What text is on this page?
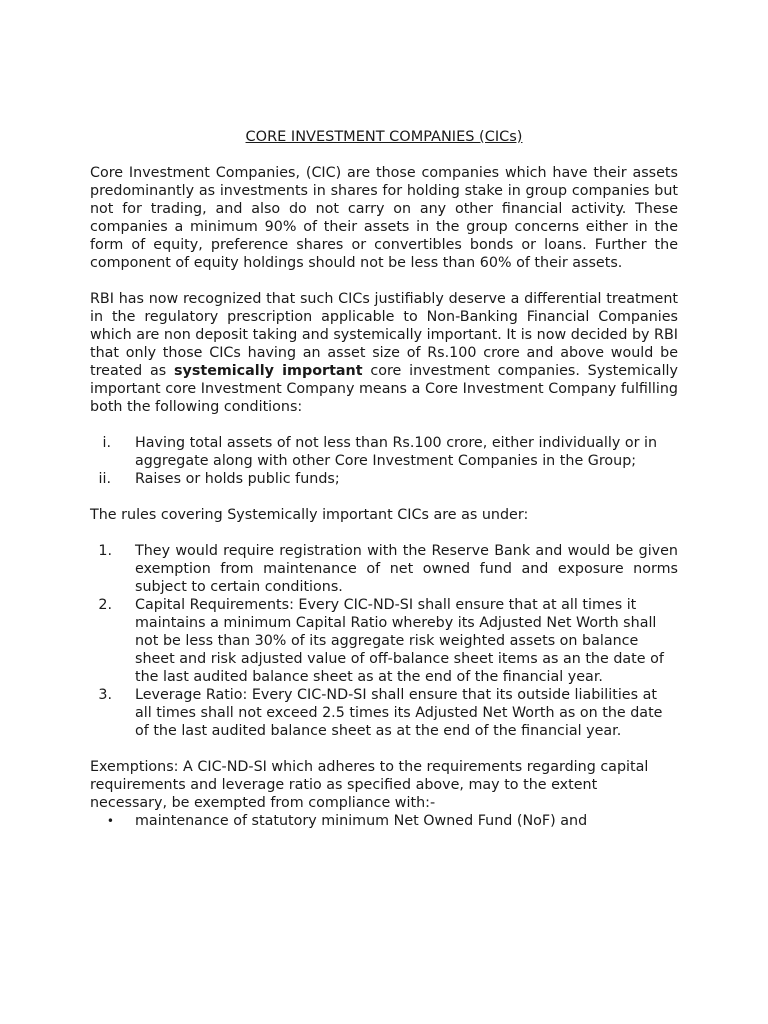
CORE INVESTMENT COMPANIES (CICs)

Core Investment Companies, (CIC) are those companies which have their assets predominantly as investments in shares for holding stake in group companies but not for trading, and also do not carry on any other financial activity. These companies a minimum 90% of their assets in the group concerns either in the form of equity, preference shares or convertibles bonds or loans. Further the component of equity holdings should not be less than 60% of their assets.

RBI has now recognized that such CICs justifiably deserve a differential treatment in the regulatory prescription applicable to Non-Banking Financial Companies which are non deposit taking and systemically important. It is now decided by RBI that only those CICs having an asset size of Rs.100 crore and above would be treated as systemically important core investment companies. Systemically important core Investment Company means a Core Investment Company fulfilling both the following conditions:

i. Having total assets of not less than Rs.100 crore, either individually or in aggregate along with other Core Investment Companies in the Group;
ii. Raises or holds public funds;

The rules covering Systemically important CICs are as under:

1. They would require registration with the Reserve Bank and would be given exemption from maintenance of net owned fund and exposure norms subject to certain conditions.
2. Capital Requirements: Every CIC-ND-SI shall ensure that at all times it maintains a minimum Capital Ratio whereby its Adjusted Net Worth shall not be less than 30% of its aggregate risk weighted assets on balance sheet and risk adjusted value of off-balance sheet items as an the date of the last audited balance sheet as at the end of the financial year.
3. Leverage Ratio: Every CIC-ND-SI shall ensure that its outside liabilities at all times shall not exceed 2.5 times its Adjusted Net Worth as on the date of the last audited balance sheet as at the end of the financial year.

Exemptions: A CIC-ND-SI which adheres to the requirements regarding capital requirements and leverage ratio as specified above, may to the extent necessary, be exempted from compliance with:-

• maintenance of statutory minimum Net Owned Fund (NoF) and
